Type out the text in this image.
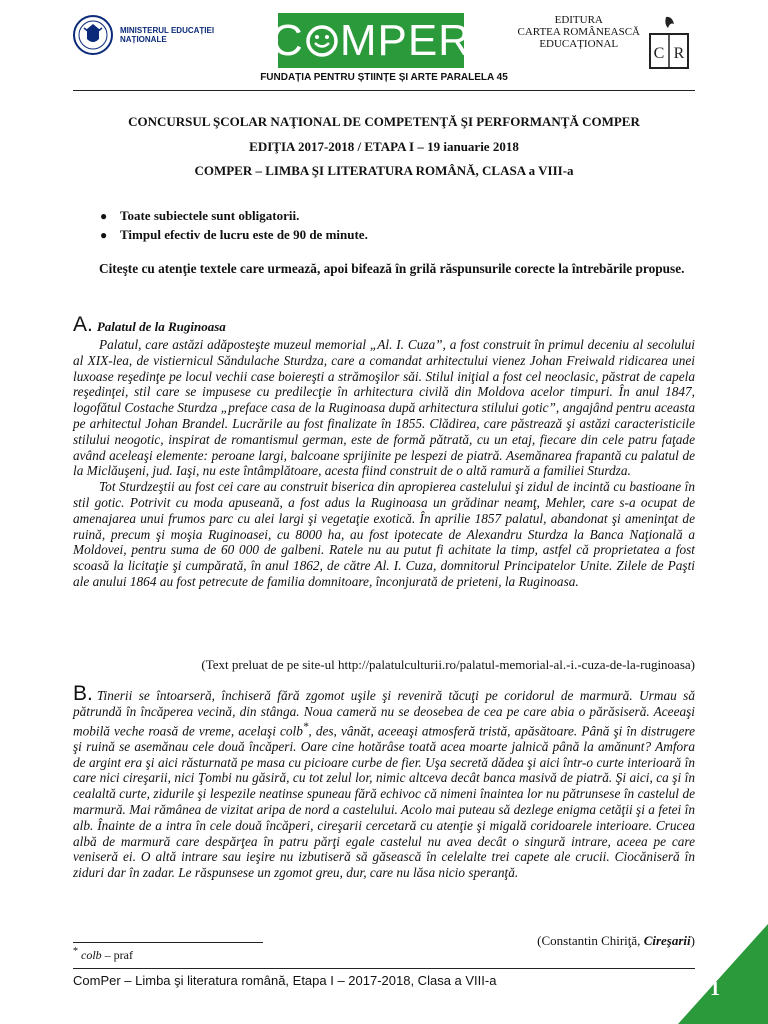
MINISTERUL EDUCAȚIEI
NAȚIONALE	C MPER	EDITURA
CARTEA ROMÂNEASCĂ
EDUCAȚIONAL
C R
FUNDAȚIA PENTRU ȘTIINȚE ȘI ARTE PARALELA 45
CONCURSUL ŞCOLAR NAŢIONAL DE COMPETENŢĂ ŞI PERFORMANŢĂ COMPER
EDIŢIA 2017-2018 / ETAPA I – 19 ianuarie 2018
COMPER – LIMBA ŞI LITERATURA ROMÂNĂ, CLASA a VIII-a
● Toate subiectele sunt obligatorii.
● Timpul efectiv de lucru este de 90 de minute.

Citeşte cu atenţie textele care urmează, apoi bifează în grilă răspunsurile corecte la întrebările propuse.

A. Palatul de la Ruginoasa

Palatul, care astăzi adăposteşte muzeul memorial „Al. I. Cuza”, a fost construit în primul deceniu al secolului al XIX-lea, de vistiernicul Săndulache Sturdza, care a comandat arhitectului vienez Johan Freiwald ridicarea unei luxoase reşedinţe pe locul vechii case boiereşti a strămoşilor săi. Stilul iniţial a fost cel neoclasic, păstrat de capela reşedinţei, stil care se impusese cu predilecţie în arhitectura civilă din Moldova acelor timpuri. În anul 1847, logofătul Costache Sturdza „preface casa de la Ruginoasa după arhitectura stilului gotic”, angajând pentru aceasta pe arhitectul Johan Brandel. Lucrările au fost finalizate în 1855. Clădirea, care păstrează şi astăzi caracteristicile stilului neogotic, inspirat de romantismul german, este de formă pătrată, cu un etaj, fiecare din cele patru faţade având aceleaşi elemente: peroane largi, balcoane sprijinite pe lespezi de piatră. Asemănarea frapantă cu palatul de la Miclăuşeni, jud. Iaşi, nu este întâmplătoare, acesta fiind construit de o altă ramură a familiei Sturdza.

Tot Sturdzeştii au fost cei care au construit biserica din apropierea castelului şi zidul de incintă cu bastioane în stil gotic. Potrivit cu moda apuseană, a fost adus la Ruginoasa un grădinar neamţ, Mehler, care s-a ocupat de amenajarea unui frumos parc cu alei largi şi vegetaţie exotică. În aprilie 1857 palatul, abandonat şi ameninţat de ruină, precum şi moşia Ruginoasei, cu 8000 ha, au fost ipotecate de Alexandru Sturdza la Banca Naţională a Moldovei, pentru suma de 60 000 de galbeni. Ratele nu au putut fi achitate la timp, astfel că proprietatea a fost scoasă la licitaţie şi cumpărată, în anul 1862, de către Al. I. Cuza, domnitorul Principatelor Unite. Zilele de Paşti ale anului 1864 au fost petrecute de familia domnitoare, înconjurată de prieteni, la Ruginoasa.

(Text preluat de pe site-ul http://palatulculturii.ro/palatul-memorial-al.-i.-cuza-de-la-ruginoasa)
B. Tinerii se întoarseră, închiseră fără zgomot uşile şi reveniră tăcuţi pe coridorul de marmură. Urmau să pătrundă în încăperea vecină, din stânga. Noua cameră nu se deosebea de cea pe care abia o părăsiseră. Aceeaşi mobilă veche roasă de vreme, acelaşi colb*, des, vânăt, aceeaşi atmosferă tristă, apăsătoare. Până şi în distrugere şi ruină se asemănau cele două încăperi. Oare cine hotărâse toată acea moarte jalnică până la amănunt? Amfora de argint era şi aici răsturnată pe masa cu picioare curbe de fier. Uşa secretă dădea şi aici într-o curte interioară în care nici cireşarii, nici Ţombi nu găsiră, cu tot zelul lor, nimic altceva decât banca masivă de piatră. Şi aici, ca şi în cealaltă curte, zidurile şi lespezile neatinse spuneau fără echivoc că nimeni înaintea lor nu pătrunsese în castelul de marmură. Mai rămânea de vizitat aripa de nord a castelului. Acolo mai puteau să dezlege enigma cetăţii şi a fetei în alb. Înainte de a intra în cele două încăperi, cireşarii cercetară cu atenţie şi migală coridoarele interioare. Crucea albă de marmură care despărţea în patru părţi egale castelul nu avea decât o singură intrare, aceea pe care veniseră ei. O altă intrare sau ieşire nu izbutiseră să găsească în celelalte trei capete ale crucii. Ciocăniseră în ziduri dar în zadar. Le răspunsese un zgomot greu, dur, care nu lăsa nicio speranţă.
(Constantin Chiriţă, Cireşarii)
* colb – praf
ComPer – Limba şi literatura română, Etapa I – 2017-2018, Clasa a VIII-a	1
